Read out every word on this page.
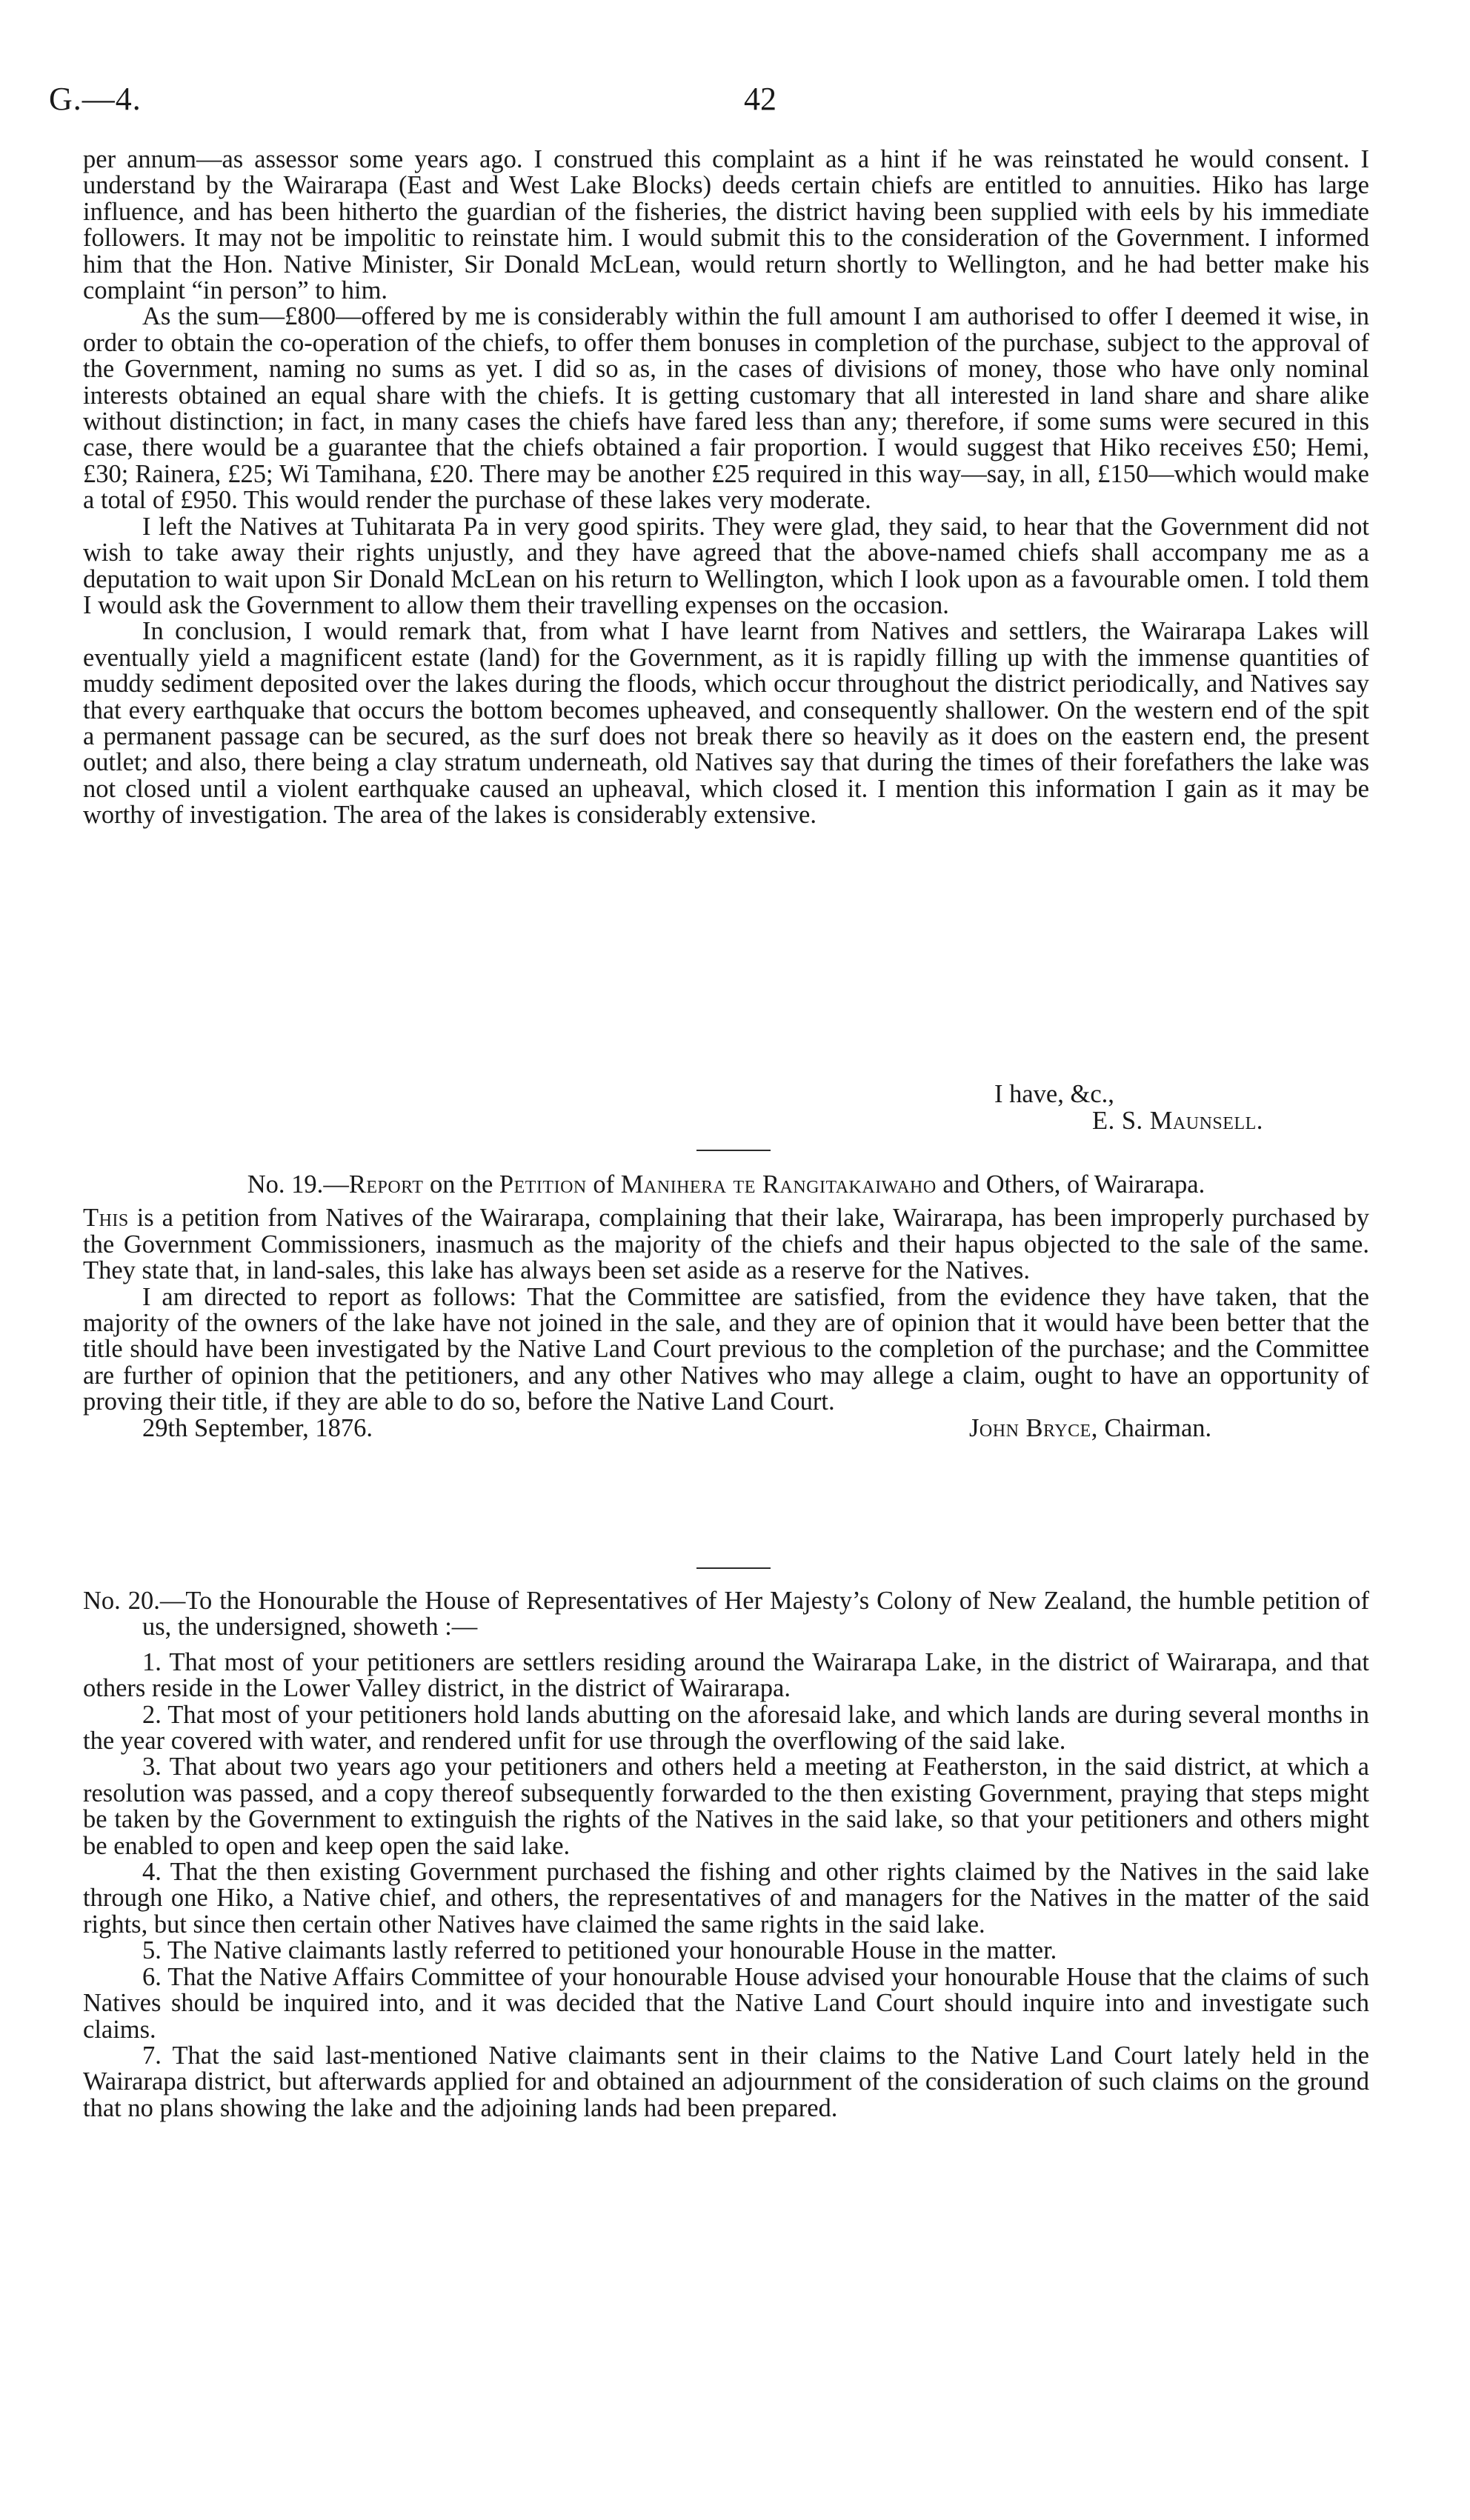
G.—4.	42

per annum—as assessor some years ago. I construed this complaint as a hint if he was reinstated he would consent. I understand by the Wairarapa (East and West Lake Blocks) deeds certain chiefs are entitled to annuities. Hiko has large influence, and has been hitherto the guardian of the fisheries, the district having been supplied with eels by his immediate followers. It may not be impolitic to reinstate him. I would submit this to the consideration of the Government. I informed him that the Hon. Native Minister, Sir Donald McLean, would return shortly to Wellington, and he had better make his complaint “in person” to him.

As the sum—£800—offered by me is considerably within the full amount I am authorised to offer I deemed it wise, in order to obtain the co-operation of the chiefs, to offer them bonuses in completion of the purchase, subject to the approval of the Government, naming no sums as yet. I did so as, in the cases of divisions of money, those who have only nominal interests obtained an equal share with the chiefs. It is getting customary that all interested in land share and share alike without distinction; in fact, in many cases the chiefs have fared less than any; therefore, if some sums were secured in this case, there would be a guarantee that the chiefs obtained a fair proportion. I would suggest that Hiko receives £50; Hemi, £30; Rainera, £25; Wi Tamihana, £20. There may be another £25 required in this way—say, in all, £150—which would make a total of £950. This would render the purchase of these lakes very moderate.

I left the Natives at Tuhitarata Pa in very good spirits. They were glad, they said, to hear that the Government did not wish to take away their rights unjustly, and they have agreed that the above-named chiefs shall accompany me as a deputation to wait upon Sir Donald McLean on his return to Wellington, which I look upon as a favourable omen. I told them I would ask the Government to allow them their travelling expenses on the occasion.

In conclusion, I would remark that, from what I have learnt from Natives and settlers, the Wairarapa Lakes will eventually yield a magnificent estate (land) for the Government, as it is rapidly filling up with the immense quantities of muddy sediment deposited over the lakes during the floods, which occur throughout the district periodically, and Natives say that every earthquake that occurs the bottom becomes upheaved, and consequently shallower. On the western end of the spit a permanent passage can be secured, as the surf does not break there so heavily as it does on the eastern end, the present outlet; and also, there being a clay stratum underneath, old Natives say that during the times of their forefathers the lake was not closed until a violent earthquake caused an upheaval, which closed it. I mention this information I gain as it may be worthy of investigation. The area of the lakes is considerably extensive.

I have, &c.,
E. S. Maunsell.

No. 19.—Report on the Petition of Manihera te Rangitakaiwaho and Others, of Wairarapa.

This is a petition from Natives of the Wairarapa, complaining that their lake, Wairarapa, has been improperly purchased by the Government Commissioners, inasmuch as the majority of the chiefs and their hapus objected to the sale of the same. They state that, in land-sales, this lake has always been set aside as a reserve for the Natives.

I am directed to report as follows: That the Committee are satisfied, from the evidence they have taken, that the majority of the owners of the lake have not joined in the sale, and they are of opinion that it would have been better that the title should have been investigated by the Native Land Court previous to the completion of the purchase; and the Committee are further of opinion that the petitioners, and any other Natives who may allege a claim, ought to have an opportunity of proving their title, if they are able to do so, before the Native Land Court.

29th September, 1876.	John Bryce, Chairman.

No. 20.—To the Honourable the House of Representatives of Her Majesty’s Colony of New Zealand, the humble petition of us, the undersigned, showeth :—

1. That most of your petitioners are settlers residing around the Wairarapa Lake, in the district of Wairarapa, and that others reside in the Lower Valley district, in the district of Wairarapa.

2. That most of your petitioners hold lands abutting on the aforesaid lake, and which lands are during several months in the year covered with water, and rendered unfit for use through the overflowing of the said lake.

3. That about two years ago your petitioners and others held a meeting at Featherston, in the said district, at which a resolution was passed, and a copy thereof subsequently forwarded to the then existing Government, praying that steps might be taken by the Government to extinguish the rights of the Natives in the said lake, so that your petitioners and others might be enabled to open and keep open the said lake.

4. That the then existing Government purchased the fishing and other rights claimed by the Natives in the said lake through one Hiko, a Native chief, and others, the representatives of and managers for the Natives in the matter of the said rights, but since then certain other Natives have claimed the same rights in the said lake.

5. The Native claimants lastly referred to petitioned your honourable House in the matter.

6. That the Native Affairs Committee of your honourable House advised your honourable House that the claims of such Natives should be inquired into, and it was decided that the Native Land Court should inquire into and investigate such claims.

7. That the said last-mentioned Native claimants sent in their claims to the Native Land Court lately held in the Wairarapa district, but afterwards applied for and obtained an adjournment of the consideration of such claims on the ground that no plans showing the lake and the adjoining lands had been prepared.
